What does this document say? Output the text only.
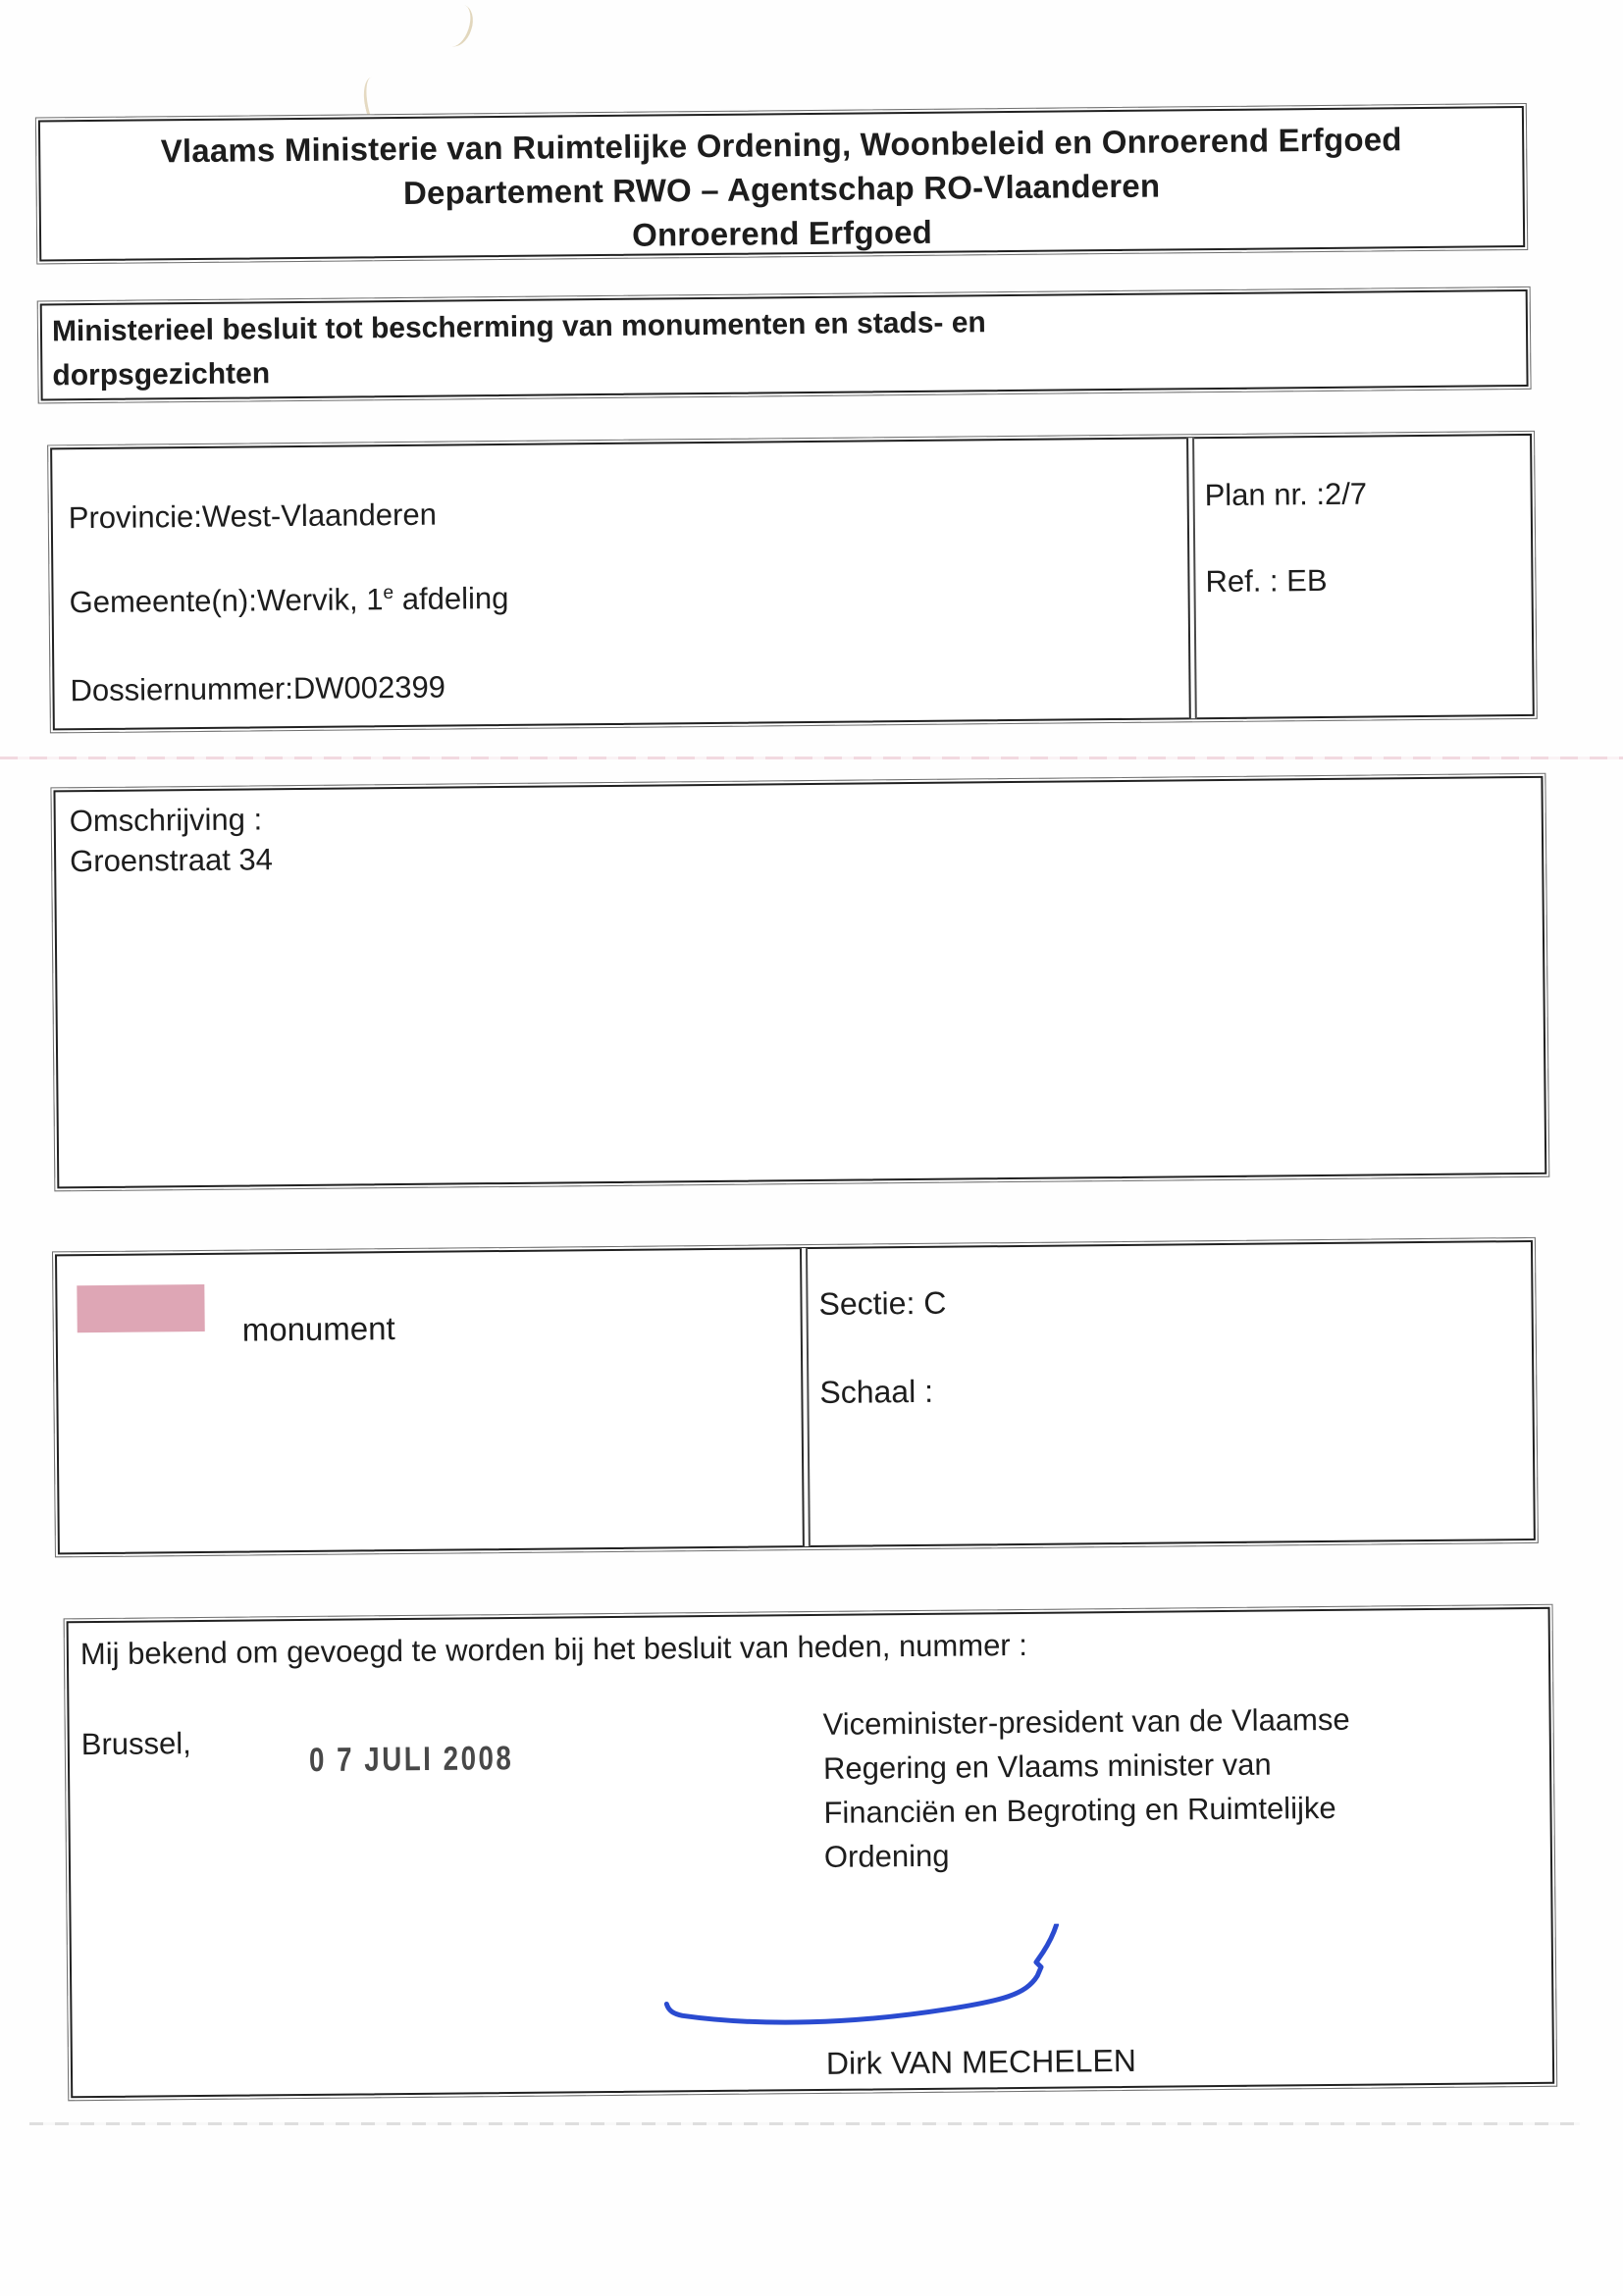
Vlaams Ministerie van Ruimtelijke Ordening, Woonbeleid en Onroerend Erfgoed
Departement RWO – Agentschap RO-Vlaanderen
Onroerend Erfgoed
Ministerieel besluit tot bescherming van monumenten en stads- en
dorpsgezichten
Provincie:West-Vlaanderen
Gemeente(n):Wervik, 1e afdeling
Dossiernummer:DW002399
Plan nr. :2/7
Ref. : EB
Omschrijving :
Groenstraat 34
monument
Sectie: C
Schaal :
Mij bekend om gevoegd te worden bij het besluit van heden, nummer :
Brussel,	0 7 JULI 2008
Viceminister-president van de Vlaamse
Regering en Vlaams minister van
Financiën en Begroting en Ruimtelijke
Ordening
Dirk VAN MECHELEN
